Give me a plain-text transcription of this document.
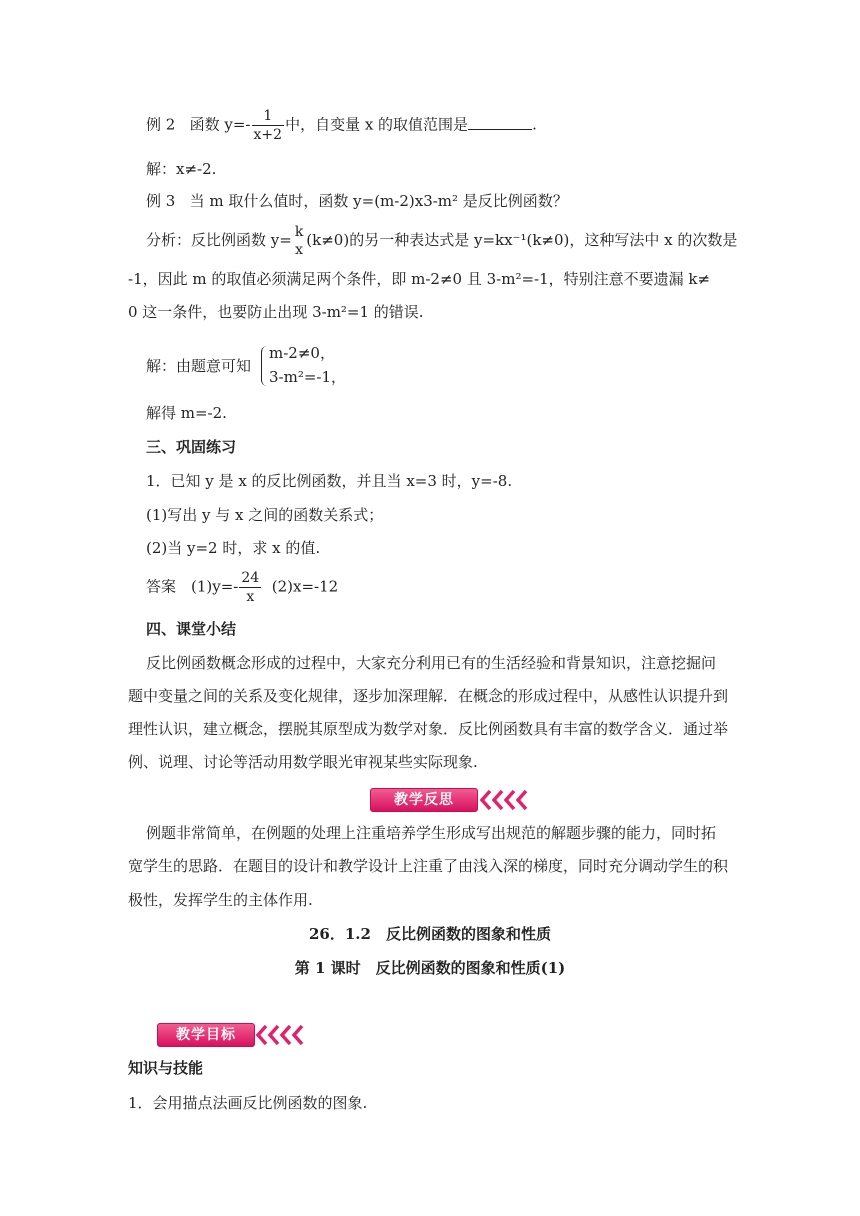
例 2 函数 $y=- \frac{1}{x+2}$ 中，自变量 x 的取值范围是	.
解：x≠-2.
例 3 当 m 取什么值时，函数 y=(m-2)x3-m² 是反比例函数？
分析：反比例函数 y= k
x
(k≠0)的另一种表达式是 y=kx⁻¹(k≠0)，这种写法中 x 的次数是
-1，因此 m 的取值必须满足两个条件，即 m-2≠0 且 3-m²=-1，特别注意不要遗漏 k≠
0 这一条件，也要防止出现 3-m²=1 的错误.
解：由题意可知
m-2≠0，
3-m²=-1，
解得 m=-2.
三、巩固练习
1．已知 y 是 x 的反比例函数，并且当 x=3 时，y=-8.
(1)写出 y 与 x 之间的函数关系式；
(2)当 y=2 时，求 x 的值.
答案　$(1)y=- \frac{24}{x} (2)x=-12$
四、课堂小结
反比例函数概念形成的过程中，大家充分利用已有的生活经验和背景知识，注意挖掘问
题中变量之间的关系及变化规律，逐步加深理解．在概念的形成过程中，从感性认识提升到
理性认识，建立概念，摆脱其原型成为数学对象．反比例函数具有丰富的数学含义．通过举
例、说理、讨论等活动用数学眼光审视某些实际现象.
教学反思
例题非常简单，在例题的处理上注重培养学生形成写出规范的解题步骤的能力，同时拓
宽学生的思路．在题目的设计和教学设计上注重了由浅入深的梯度，同时充分调动学生的积
极性，发挥学生的主体作用.
26．1.2　反比例函数的图象和性质
第 1 课时　反比例函数的图象和性质(1)
教学目标
知识与技能
1．会用描点法画反比例函数的图象.
